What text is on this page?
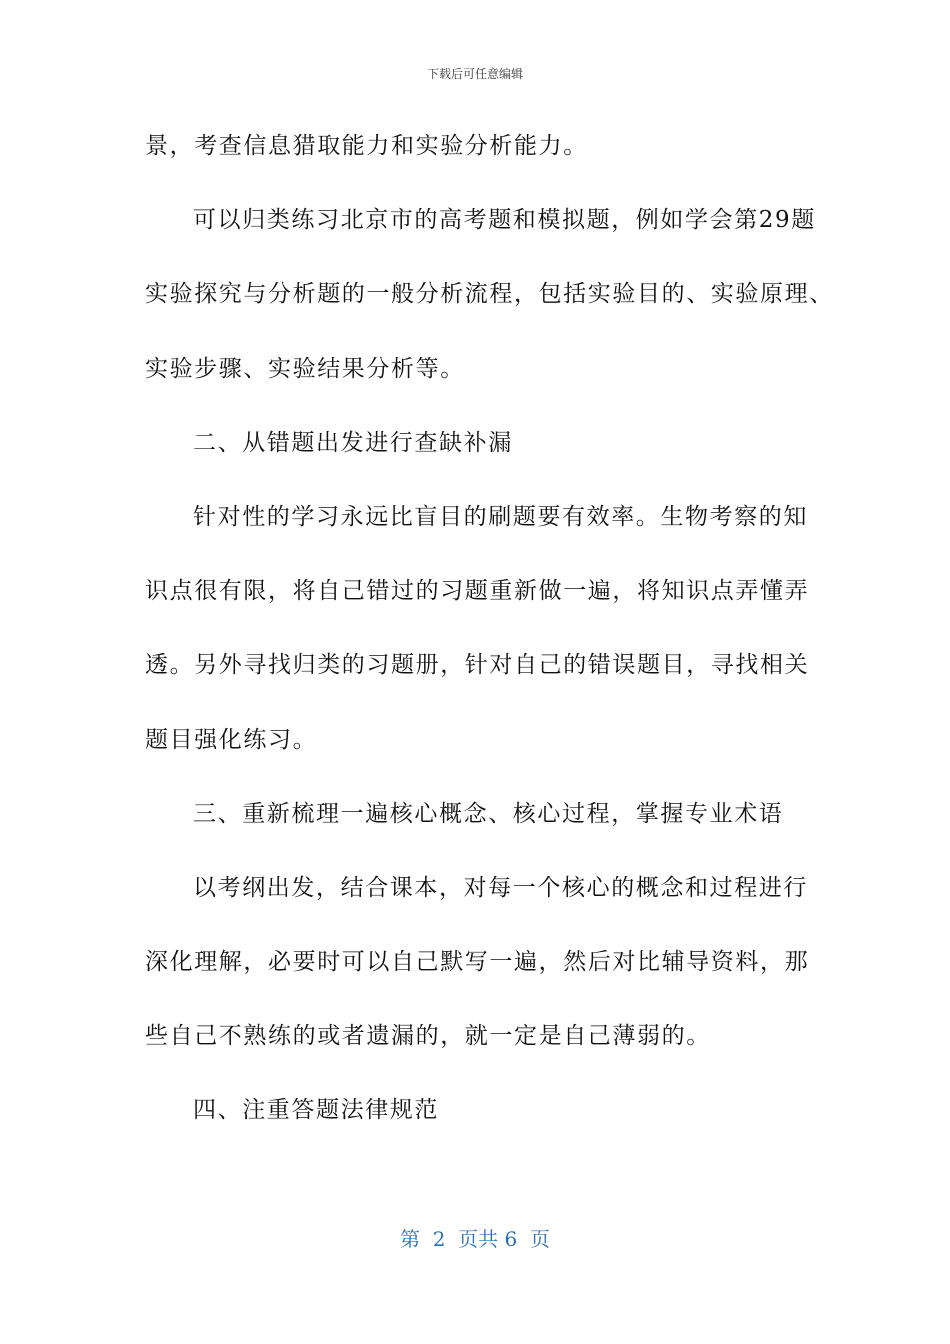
下载后可任意编辑
景，考查信息猎取能力和实验分析能力。
可以归类练习北京市的高考题和模拟题，例如学会第29题
实验探究与分析题的一般分析流程，包括实验目的、实验原理、
实验步骤、实验结果分析等。
二、从错题出发进行查缺补漏
针对性的学习永远比盲目的刷题要有效率。生物考察的知
识点很有限，将自己错过的习题重新做一遍，将知识点弄懂弄
透。另外寻找归类的习题册，针对自己的错误题目，寻找相关
题目强化练习。
三、重新梳理一遍核心概念、核心过程，掌握专业术语
以考纲出发，结合课本，对每一个核心的概念和过程进行
深化理解，必要时可以自己默写一遍，然后对比辅导资料，那
些自己不熟练的或者遗漏的，就一定是自己薄弱的。
四、注重答题法律规范
第  2  页共 6  页
